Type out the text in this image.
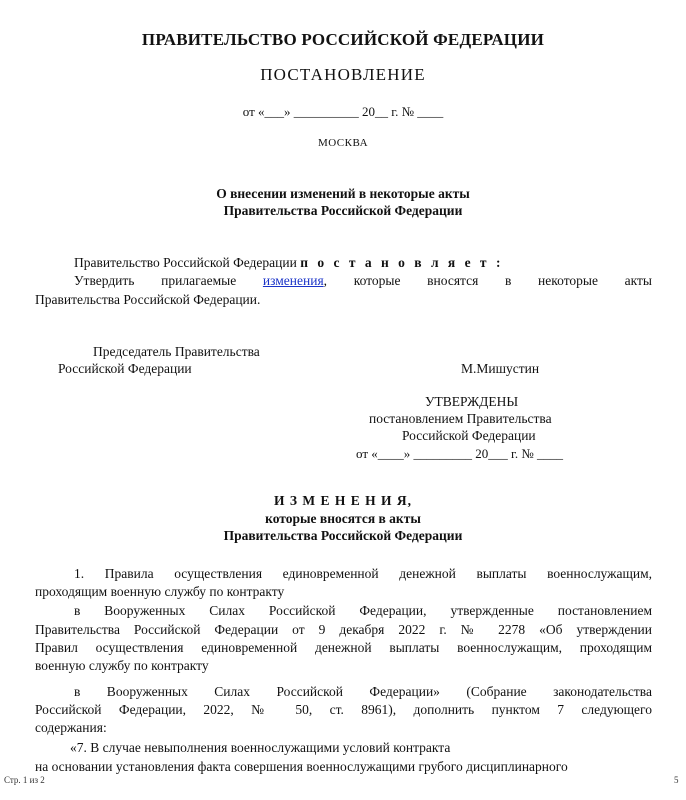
ПРАВИТЕЛЬСТВО РОССИЙСКОЙ ФЕДЕРАЦИИ
ПОСТАНОВЛЕНИЕ
от «___» __________ 20__ г. № ____
МОСКВА
О внесении изменений в некоторые акты
Правительства Российской Федерации
Правительство Российской Федерации п о с т а н о в л я е т :
Утвердить прилагаемые изменения, которые вносятся в некоторые акты
Правительства Российской Федерации.
Председатель Правительства
Российской Федерации	М.Мишустин
УТВЕРЖДЕНЫ
постановлением Правительства
Российской Федерации
от «____» _________ 20___ г. № ____
И З М Е Н Е Н И Я,
которые вносятся в акты
Правительства Российской Федерации
1. Правила осуществления единовременной денежной выплаты военнослужащим,
проходящим военную службу по контракту
в Вооруженных Силах Российской Федерации, утвержденные постановлением
Правительства Российской Федерации от 9 декабря 2022 г. № 2278 «Об утверждении
Правил осуществления единовременной денежной выплаты военнослужащим, проходящим
военную службу по контракту
в Вооруженных Силах Российской Федерации» (Собрание законодательства
Российской Федерации, 2022, № 50, ст. 8961), дополнить пунктом 7 следующего
содержания:
«7. В случае невыполнения военнослужащими условий контракта
на основании установления факта совершения военнослужащими грубого дисциплинарного
Стр. 1 из 2	5
